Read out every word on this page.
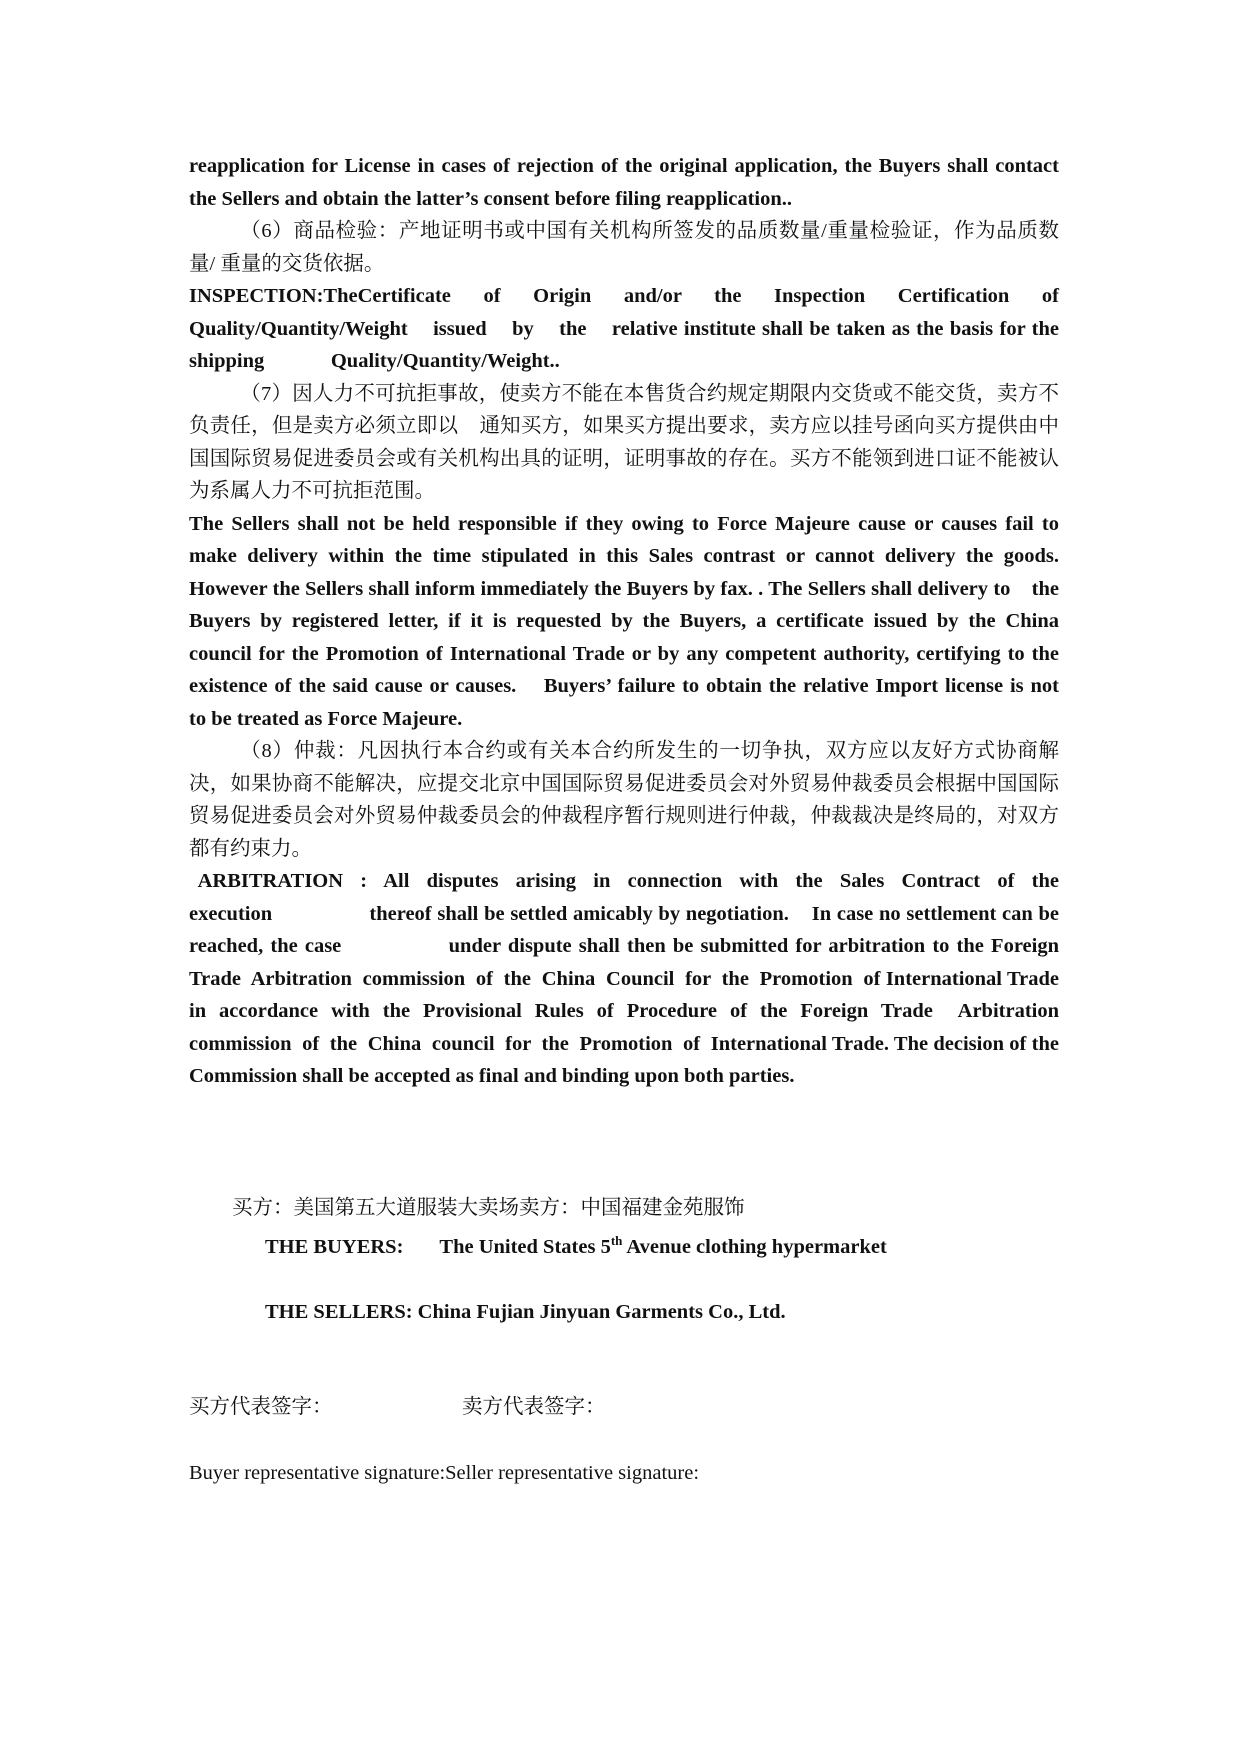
reapplication for License in cases of rejection of the original application, the Buyers shall contact the Sellers and obtain the latter’s consent before filing reapplication..

（6）商品检验：产地证明书或中国有关机构所签发的品质数量/重量检验证，作为品质数量/ 重量的交货依据。

INSPECTION:TheCertificate   of   Origin   and/or   the   Inspection   Certification   of Quality/Quantity/Weight    issued    by    the    relative institute shall be taken as the basis for the shipping             Quality/Quantity/Weight..

（7）因人力不可抗拒事故，使卖方不能在本售货合约规定期限内交货或不能交货，卖方不负责任，但是卖方必须立即以    通知买方，如果买方提出要求，卖方应以挂号函向买方提供由中国国际贸易促进委员会或有关机构出具的证明，证明事故的存在。买方不能领到进口证不能被认为系属人力不可抗拒范围。

The Sellers shall not be held responsible if they owing to Force Majeure cause or causes fail to    make delivery within the time stipulated in this Sales contrast or cannot delivery the goods. However the Sellers shall inform immediately the Buyers by fax. . The Sellers shall delivery to    the Buyers by registered letter, if it is requested by the Buyers, a certificate issued by the China    council for the Promotion of International Trade or by any competent authority, certifying to the    existence of the said cause or causes.    Buyers’ failure to obtain the relative Import license is not    to be treated as Force Majeure.

（8）仲裁：凡因执行本合约或有关本合约所发生的一切争执，双方应以友好方式协商解决，如果协商不能解决，应提交北京中国国际贸易促进委员会对外贸易仲裁委员会根据中国国际贸易促进委员会对外贸易仲裁委员会的仲裁程序暂行规则进行仲裁，仲裁裁决是终局的，对双方都有约束力。

ARBITRATION  :  All  disputes  arising  in  connection  with  the  Sales  Contract  of  the execution                 thereof shall be settled amicably by negotiation.    In case no settlement can be reached, the case               under dispute shall then be submitted for arbitration to the Foreign  Trade  Arbitration  commission  of  the  China  Council  for  the  Promotion  of International Trade in accordance with the Provisional Rules of Procedure of the Foreign Trade  Arbitration  commission  of  the  China  council  for  the  Promotion  of  International Trade. The decision of the Commission shall be accepted as final and binding upon both parties.

买方：美国第五大道服装大卖场卖方：中国福建金苑服饰
THE BUYERS: The United States 5th Avenue clothing hypermarket
THE SELLERS: China Fujian Jinyuan Garments Co., Ltd.
买方代表签字：	卖方代表签字：
Buyer representative signature:Seller representative signature:
